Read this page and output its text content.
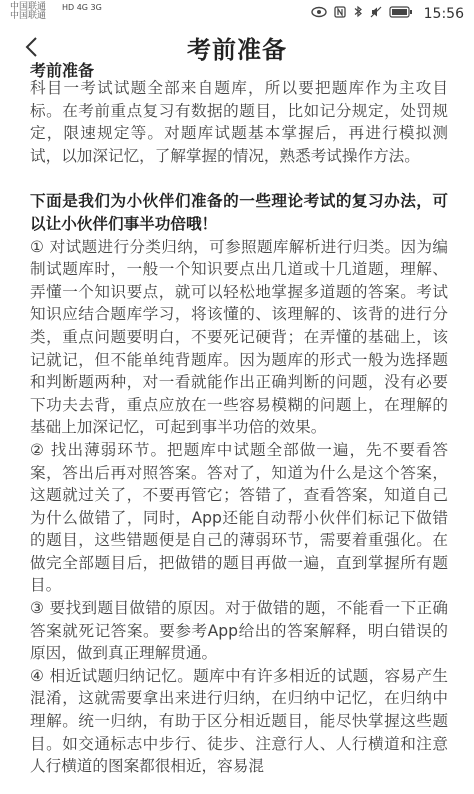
中国联通
中国联通
HD 4G 3G	15:56
考前准备
考前准备

科目一考试试题全部来自题库，所以要把题库作为主攻目标。在考前重点复习有数据的题目，比如记分规定，处罚规定，限速规定等。对题库试题基本掌握后，再进行模拟测试，以加深记忆，了解掌握的情况，熟悉考试操作方法。

下面是我们为小伙伴们准备的一些理论考试的复习办法，可以让小伙伴们事半功倍哦！

① 对试题进行分类归纳，可参照题库解析进行归类。因为编制试题库时，一般一个知识要点出几道或十几道题，理解、弄懂一个知识要点，就可以轻松地掌握多道题的答案。考试知识应结合题库学习，将该懂的、该理解的、该背的进行分类，重点问题要明白，不要死记硬背；在弄懂的基础上，该记就记，但不能单纯背题库。因为题库的形式一般为选择题和判断题两种，对一看就能作出正确判断的问题，没有必要下功夫去背，重点应放在一些容易模糊的问题上，在理解的基础上加深记忆，可起到事半功倍的效果。

② 找出薄弱环节。把题库中试题全部做一遍，先不要看答案，答出后再对照答案。答对了，知道为什么是这个答案，这题就过关了，不要再管它；答错了，查看答案，知道自己为什么做错了，同时，App还能自动帮小伙伴们标记下做错的题目，这些错题便是自己的薄弱环节，需要着重强化。在做完全部题目后，把做错的题目再做一遍，直到掌握所有题目。

③ 要找到题目做错的原因。对于做错的题，不能看一下正确答案就死记答案。要参考App给出的答案解释，明白错误的原因，做到真正理解贯通。

④ 相近试题归纳记忆。题库中有许多相近的试题，容易产生混淆，这就需要拿出来进行归纳，在归纳中记忆，在归纳中理解。统一归纳，有助于区分相近题目，能尽快掌握这些题目。如交通标志中步行、徒步、注意行人、人行横道和注意人行横道的图案都很相近，容易混
